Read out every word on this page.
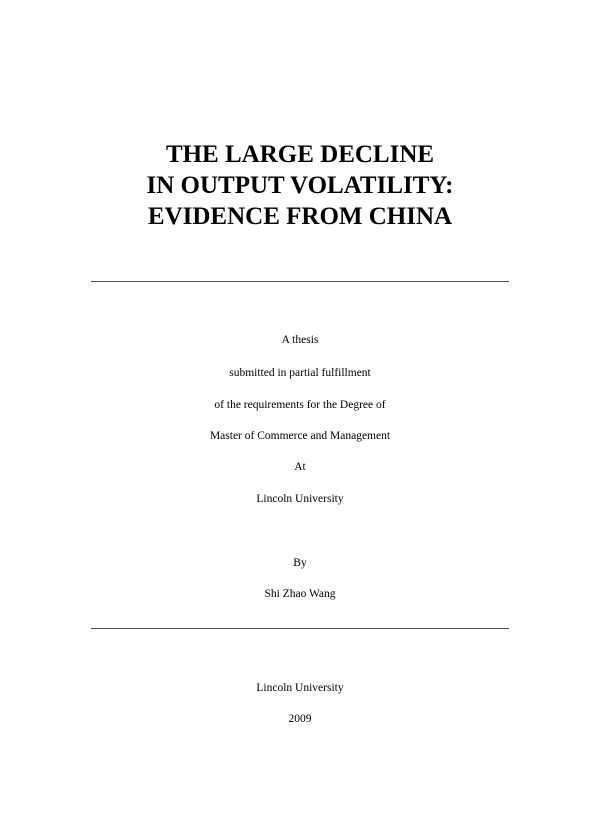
THE LARGE DECLINE
IN OUTPUT VOLATILITY:
EVIDENCE FROM CHINA
A thesis
submitted in partial fulfillment
of the requirements for the Degree of
Master of Commerce and Management
At
Lincoln University
By
Shi Zhao Wang
Lincoln University
2009
